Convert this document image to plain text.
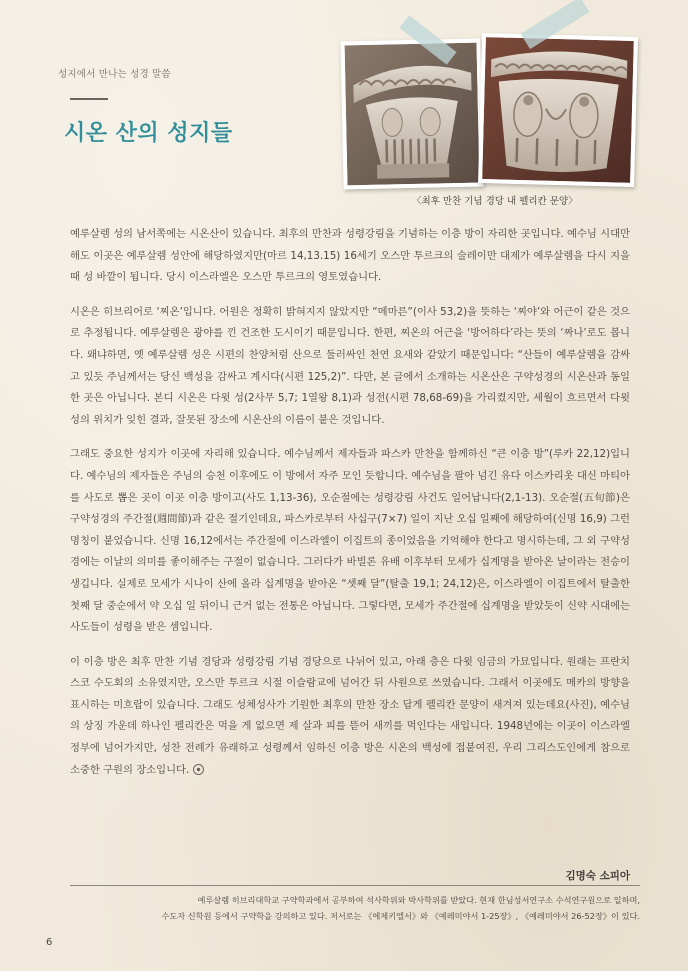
성지에서 만나는 성경 말씀
시온 산의 성지들
〈최후 만찬 기념 경당 내 펠리칸 문양〉

예루살렘 성의 남서쪽에는 시온산이 있습니다. 최후의 만찬과 성령강림을 기념하는 이층 방이 자리한 곳입니다. 예수님 시대만 해도 이곳은 예루살렘 성안에 해당하였지만(마르 14,13.15) 16세기 오스만 투르크의 술레이만 대제가 예루살렘을 다시 지을 때 성 바깥이 됩니다. 당시 이스라엘은 오스만 투르크의 영토였습니다.

시온은 히브리어로 ‘찌온’입니다. 어원은 정확히 밝혀지지 않았지만 “메마른”(이사 53,2)을 뜻하는 ‘찌야’와 어근이 같은 것으로 추정됩니다. 예루살렘은 광야를 낀 건조한 도시이기 때문입니다. 한편, 찌온의 어근을 ‘방어하다’라는 뜻의 ‘짜나’로도 봅니다. 왜냐하면, 옛 예루살렘 성은 시편의 찬양처럼 산으로 둘러싸인 천연 요새와 같았기 때문입니다: “산들이 예루살렘을 감싸고 있듯 주님께서는 당신 백성을 감싸고 계시다(시편 125,2)”. 다만, 본 글에서 소개하는 시온산은 구약성경의 시온산과 동일한 곳은 아닙니다. 본디 시온은 다윗 성(2사무 5,7; 1열왕 8,1)과 성전(시편 78,68-69)을 가리켰지만, 세월이 흐르면서 다윗 성의 위치가 잊힌 결과, 잘못된 장소에 시온산의 이름이 붙은 것입니다.

그래도 중요한 성지가 이곳에 자리해 있습니다. 예수님께서 제자들과 파스카 만찬을 함께하신 “큰 이층 방”(루카 22,12)입니다. 예수님의 제자들은 주님의 승천 이후에도 이 방에서 자주 모인 듯합니다. 예수님을 팔아 넘긴 유다 이스카리옷 대신 마티아를 사도로 뽑은 곳이 이곳 이층 방이고(사도 1,13-36), 오순절에는 성령강림 사건도 일어납니다(2,1-13). 오순절(五旬節)은 구약성경의 주간절(週間節)과 같은 절기인데요, 파스카로부터 사십구(7×7) 일이 지난 오십 일째에 해당하여(신명 16,9) 그런 명칭이 붙었습니다. 신명 16,12에서는 주간절에 이스라엘이 이집트의 종이었음을 기억해야 한다고 명시하는데, 그 외 구약성경에는 이날의 의미를 좋이해주는 구절이 없습니다. 그러다가 바빌론 유배 이후부터 모세가 십계명을 받아온 날이라는 전승이 생깁니다. 실제로 모세가 시나이 산에 올라 십계명을 받아온 “셋째 달”(탈출 19,1; 24,12)은, 이스라엘이 이집트에서 탈출한 첫째 달 중순에서 약 오십 일 뒤이니 근거 없는 전통은 아닙니다. 그렇다면, 모세가 주간절에 십계명을 받았듯이 신약 시대에는 사도들이 성령을 받은 셈입니다.

이 이층 방은 최후 만찬 기념 경당과 성령강림 기념 경당으로 나뉘어 있고, 아래 층은 다윗 임금의 가묘입니다. 원래는 프란치스코 수도회의 소유였지만, 오스만 투르크 시절 이슬람교에 넘어간 뒤 사원으로 쓰였습니다. 그래서 이곳에도 메카의 방향을 표시하는 미흐랍이 있습니다. 그래도 성체성사가 기원한 최후의 만찬 장소 답게 펠리칸 문양이 새겨져 있는데요(사진), 예수님의 상징 가운데 하나인 펠리칸은 먹을 게 없으면 제 살과 피를 뜯어 새끼를 먹인다는 새입니다. 1948년에는 이곳이 이스라엘 정부에 넘어가지만, 성찬 전례가 유래하고 성령께서 임하신 이층 방은 시온의 백성에 접붙여진, 우리 그리스도인에게 참으로 소중한 구원의 장소입니다.

김명숙 소피아
예루살렘 히브리대학교 구약학과에서 공부하여 석사학위와 박사학위를 받았다. 현재 한님성서연구소 수석연구원으로 일하며,
수도자 신학원 등에서 구약학을 강의하고 있다. 저서로는 《에제키엘서》와 《예레미야서 1-25장》, 《예레미야서 26-52장》이 있다.
6
